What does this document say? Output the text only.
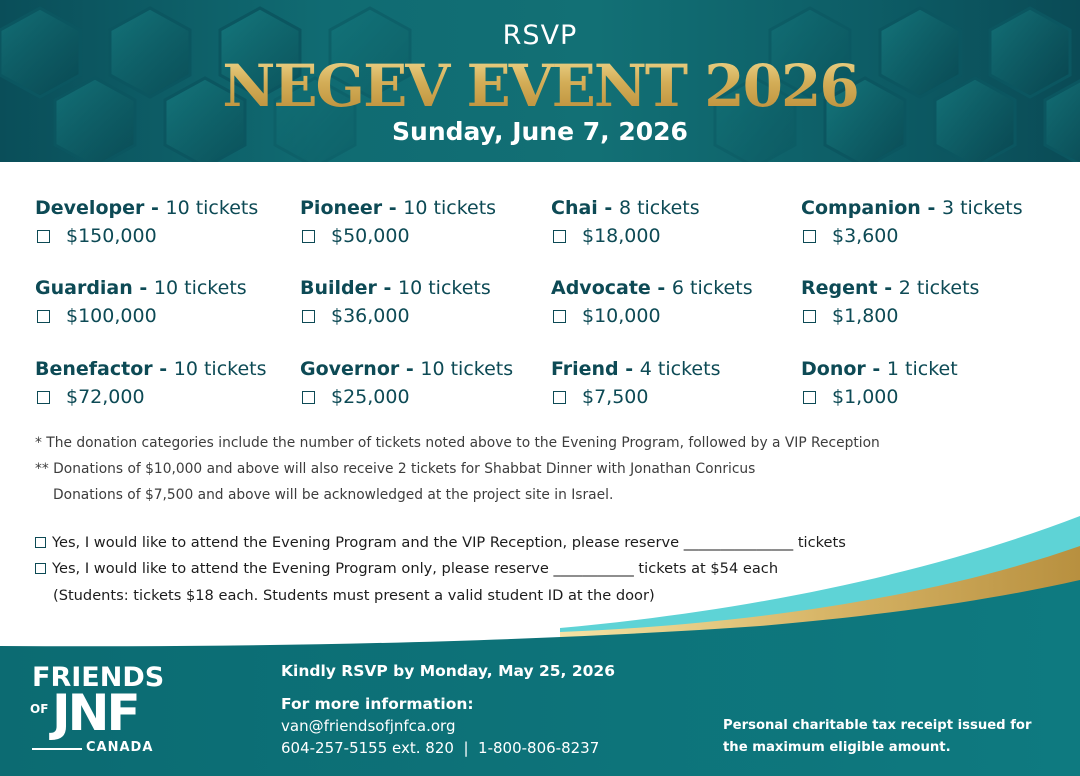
RSVP
NEGEV EVENT 2026
Sunday, June 7, 2026
Developer - 10 tickets
$150,000
Pioneer - 10 tickets
$50,000
Chai - 8 tickets
$18,000
Companion - 3 tickets
$3,600
Guardian - 10 tickets
$100,000
Builder - 10 tickets
$36,000
Advocate - 6 tickets
$10,000
Regent - 2 tickets
$1,800
Benefactor - 10 tickets
$72,000
Governor - 10 tickets
$25,000
Friend - 4 tickets
$7,500
Donor - 1 ticket
$1,000
* The donation categories include the number of tickets noted above to the Evening Program, followed by a VIP Reception
** Donations of $10,000 and above will also receive 2 tickets for Shabbat Dinner with Jonathan Conricus
Donations of $7,500 and above will be acknowledged at the project site in Israel.
Yes, I would like to attend the Evening Program and the VIP Reception, please reserve _______________ tickets
Yes, I would like to attend the Evening Program only, please reserve ___________ tickets at $54 each
(Students: tickets $18 each. Students must present a valid student ID at the door)
FRIENDS
OF JNF
CANADA
Kindly RSVP by Monday, May 25, 2026
For more information:
van@friendsofjnfca.org
604-257-5155 ext. 820  |  1-800-806-8237
Personal charitable tax receipt issued for
the maximum eligible amount.
